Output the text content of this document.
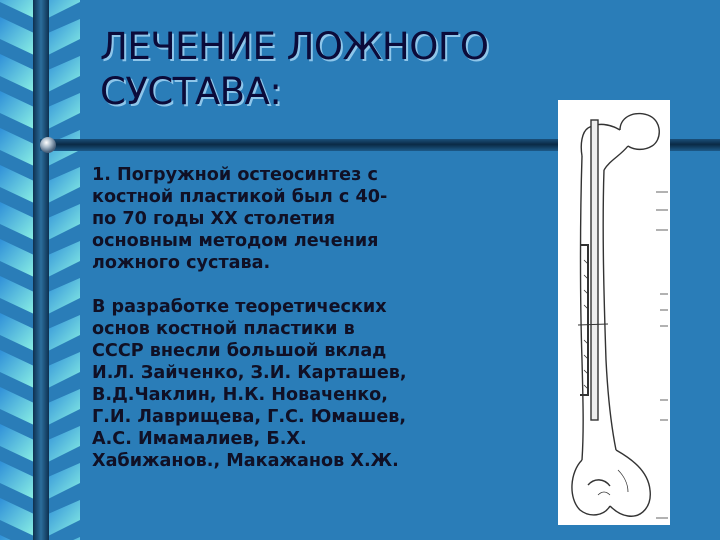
ЛЕЧЕНИЕ ЛОЖНОГО
СУСТАВА:
1. Погружной остеосинтез с
костной пластикой был с 40-
по 70 годы XX столетия
основным методом лечения
ложного сустава.
В разработке теоретических
основ костной пластики в
СССР внесли большой вклад
И.Л. Зайченко, З.И. Карташев,
В.Д.Чаклин, Н.К. Новаченко,
Г.И. Лаврищева, Г.С. Юмашев,
А.С. Имамалиев, Б.Х.
Хабижанов., Макажанов Х.Ж.
